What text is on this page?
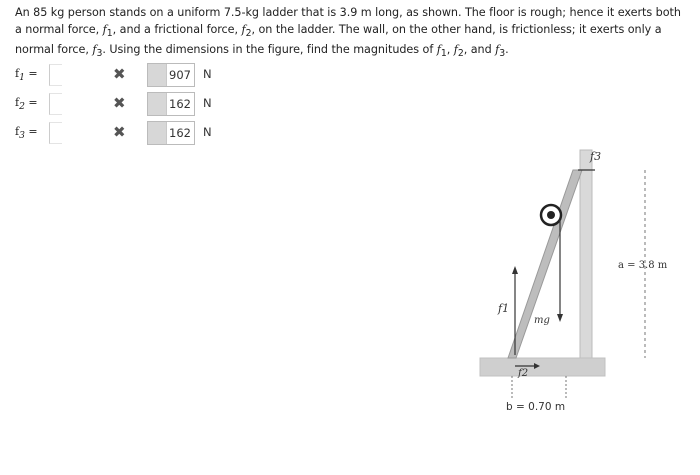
An 85 kg person stands on a uniform 7.5-kg ladder that is 3.9 m long, as shown. The floor is rough; hence it exerts both a normal force, $f_1$, and a frictional force, $f_2$, on the ladder. The wall, on the other hand, is frictionless; it exerts only a normal force, $f_3$. Using the dimensions in the figure, find the magnitudes of $f_1$, $f_2$, and $f_3$.
$f_1$ =	✖	907 N
$f_2$ =	✖	162 N
$f_3$ =	✖	162 N
mg
f1
f2
f3
a = 3.8 m
b = 0.70 m
